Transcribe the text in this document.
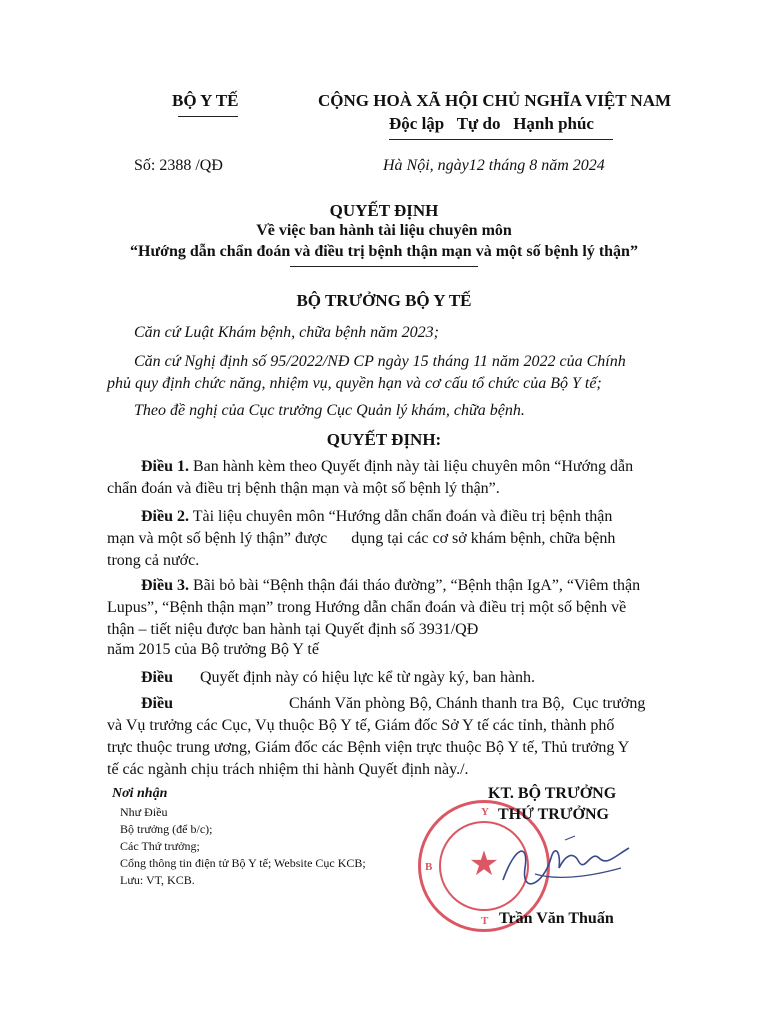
BỘ Y TẾ	CỘNG HOÀ XÃ HỘI CHỦ NGHĨA VIỆT NAM
Độc lập   Tự do   Hạnh phúc
Số: 2388 /QĐ	Hà Nội, ngày12 tháng 8 năm 2024
QUYẾT ĐỊNH
Về việc ban hành tài liệu chuyên môn
“Hướng dẫn chẩn đoán và điều trị bệnh thận mạn và một số bệnh lý thận”
BỘ TRƯỞNG BỘ Y TẾ
Căn cứ Luật Khám bệnh, chữa bệnh năm 2023;
Căn cứ Nghị định số 95/2022/NĐ CP ngày 15 tháng 11 năm 2022 của Chính
phủ quy định chức năng, nhiệm vụ, quyền hạn và cơ cấu tổ chức của Bộ Y tế;
Theo đề nghị của Cục trưởng Cục Quản lý khám, chữa bệnh.
QUYẾT ĐỊNH:
Điều 1. Ban hành kèm theo Quyết định này tài liệu chuyên môn “Hướng dẫn
chẩn đoán và điều trị bệnh thận mạn và một số bệnh lý thận”.
Điều 2. Tài liệu chuyên môn “Hướng dẫn chẩn đoán và điều trị bệnh thận
mạn và một số bệnh lý thận” được      dụng tại các cơ sở khám bệnh, chữa bệnh
trong cả nước.
Điều 3. Bãi bỏ bài “Bệnh thận đái tháo đường”, “Bệnh thận IgA”, “Viêm thận
Lupus”, “Bệnh thận mạn” trong Hướng dẫn chẩn đoán và điều trị một số bệnh về
thận – tiết niệu được ban hành tại Quyết định số 3931/QĐ
năm 2015 của Bộ trưởng Bộ Y tế
Điều Quyết định này có hiệu lực kể từ ngày ký, ban hành.
Điều	Chánh Văn phòng Bộ, Chánh thanh tra Bộ,  Cục trưởng
và Vụ trưởng các Cục, Vụ thuộc Bộ Y tế, Giám đốc Sở Y tế các tỉnh, thành phố
trực thuộc trung ương, Giám đốc các Bệnh viện trực thuộc Bộ Y tế, Thủ trưởng Y
tế các ngành chịu trách nhiệm thi hành Quyết định này./.
Nơi nhận
Như Điều
Bộ trưởng (để b/c);
Các Thứ trưởng;
Cổng thông tin điện tử Bộ Y tế; Website Cục KCB;
Lưu: VT, KCB.	★
Y
B
T
KT. BỘ TRƯỞNG
THỨ TRƯỞNG
Trần Văn Thuấn
